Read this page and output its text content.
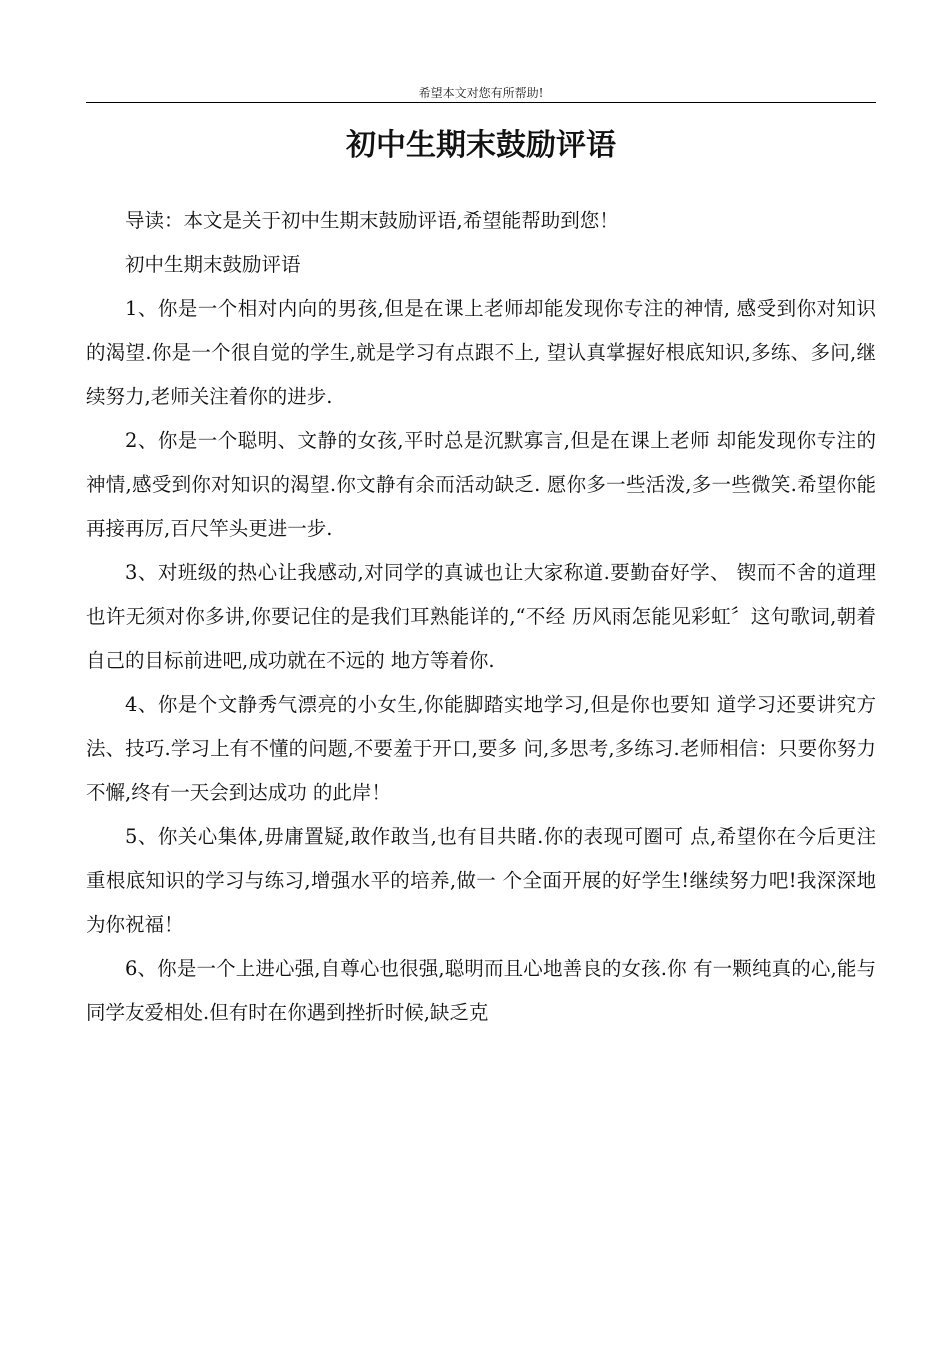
希望本文对您有所帮助!
初中生期末鼓励评语

导读：本文是关于初中生期末鼓励评语,希望能帮助到您！

初中生期末鼓励评语

1、你是一个相对内向的男孩,但是在课上老师却能发现你专注的神情, 感受到你对知识的渴望.你是一个很自觉的学生,就是学习有点跟不上, 望认真掌握好根底知识,多练、多问,继续努力,老师关注着你的进步.

2、你是一个聪明、文静的女孩,平时总是沉默寡言,但是在课上老师 却能发现你专注的神情,感受到你对知识的渴望.你文静有余而活动缺乏. 愿你多一些活泼,多一些微笑.希望你能再接再厉,百尺竿头更进一步.

3、对班级的热心让我感动,对同学的真诚也让大家称道.要勤奋好学、 锲而不舍的道理也许无须对你多讲,你要记住的是我们耳熟能详的,“不经 历风雨怎能见彩虹〞这句歌词,朝着自己的目标前进吧,成功就在不远的 地方等着你.

4、你是个文静秀气漂亮的小女生,你能脚踏实地学习,但是你也要知 道学习还要讲究方法、技巧.学习上有不懂的问题,不要羞于开口,要多 问,多思考,多练习.老师相信：只要你努力不懈,终有一天会到达成功 的此岸！

5、你关心集体,毋庸置疑,敢作敢当,也有目共睹.你的表现可圈可 点,希望你在今后更注重根底知识的学习与练习,增强水平的培养,做一 个全面开展的好学生!继续努力吧!我深深地为你祝福！

6、你是一个上进心强,自尊心也很强,聪明而且心地善良的女孩.你 有一颗纯真的心,能与同学友爱相处.但有时在你遇到挫折时候,缺乏克
